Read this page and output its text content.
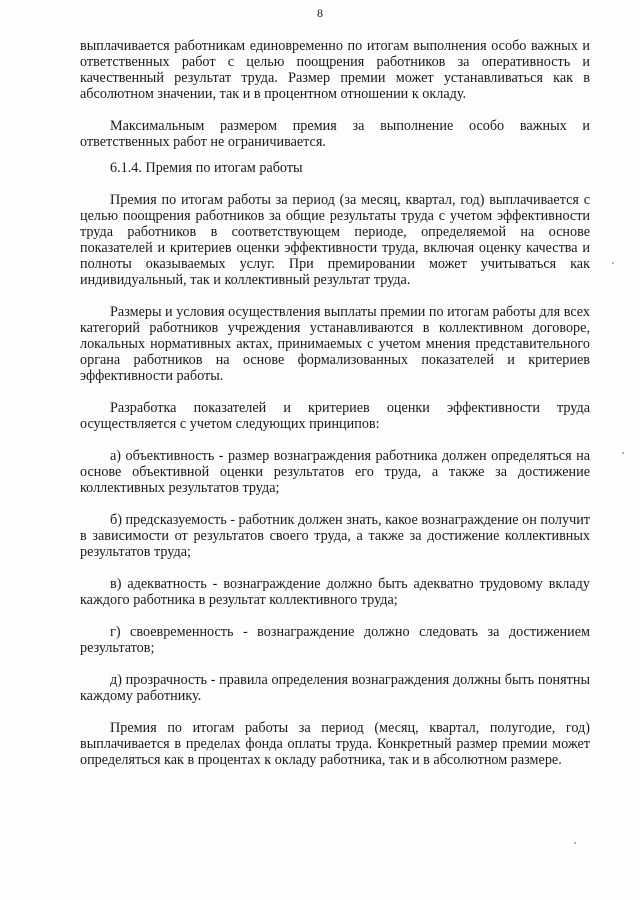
8

выплачивается работникам единовременно по итогам выполнения особо важных и ответственных работ с целью поощрения работников за оперативность и качественный результат труда. Размер премии может устанавливаться как в абсолютном значении, так и в процентном отношении к окладу.

Максимальным размером премия за выполнение особо важных и ответственных работ не ограничивается.

6.1.4. Премия по итогам работы

Премия по итогам работы за период (за месяц, квартал, год) выплачивается с целью поощрения работников за общие результаты труда с учетом эффективности труда работников в соответствующем периоде, определяемой на основе показателей и критериев оценки эффективности труда, включая оценку качества и полноты оказываемых услуг. При премировании может учитываться как индивидуальный, так и коллективный результат труда.

Размеры и условия осуществления выплаты премии по итогам работы для всех категорий работников учреждения устанавливаются в коллективном договоре, локальных нормативных актах, принимаемых с учетом мнения представительного органа работников на основе формализованных показателей и критериев эффективности работы.

Разработка показателей и критериев оценки эффективности труда осуществляется с учетом следующих принципов:

а) объективность - размер вознаграждения работника должен определяться на основе объективной оценки результатов его труда, а также за достижение коллективных результатов труда;

б) предсказуемость - работник должен знать, какое вознаграждение он получит в зависимости от результатов своего труда, а также за достижение коллективных результатов труда;

в) адекватность - вознаграждение должно быть адекватно трудовому вкладу каждого работника в результат коллективного труда;

г) своевременность - вознаграждение должно следовать за достижением результатов;

д) прозрачность - правила определения вознаграждения должны быть понятны каждому работнику.

Премия по итогам работы за период (месяц, квартал, полугодие, год) выплачивается в пределах фонда оплаты труда. Конкретный размер премии может определяться как в процентах к окладу работника, так и в абсолютном размере.
